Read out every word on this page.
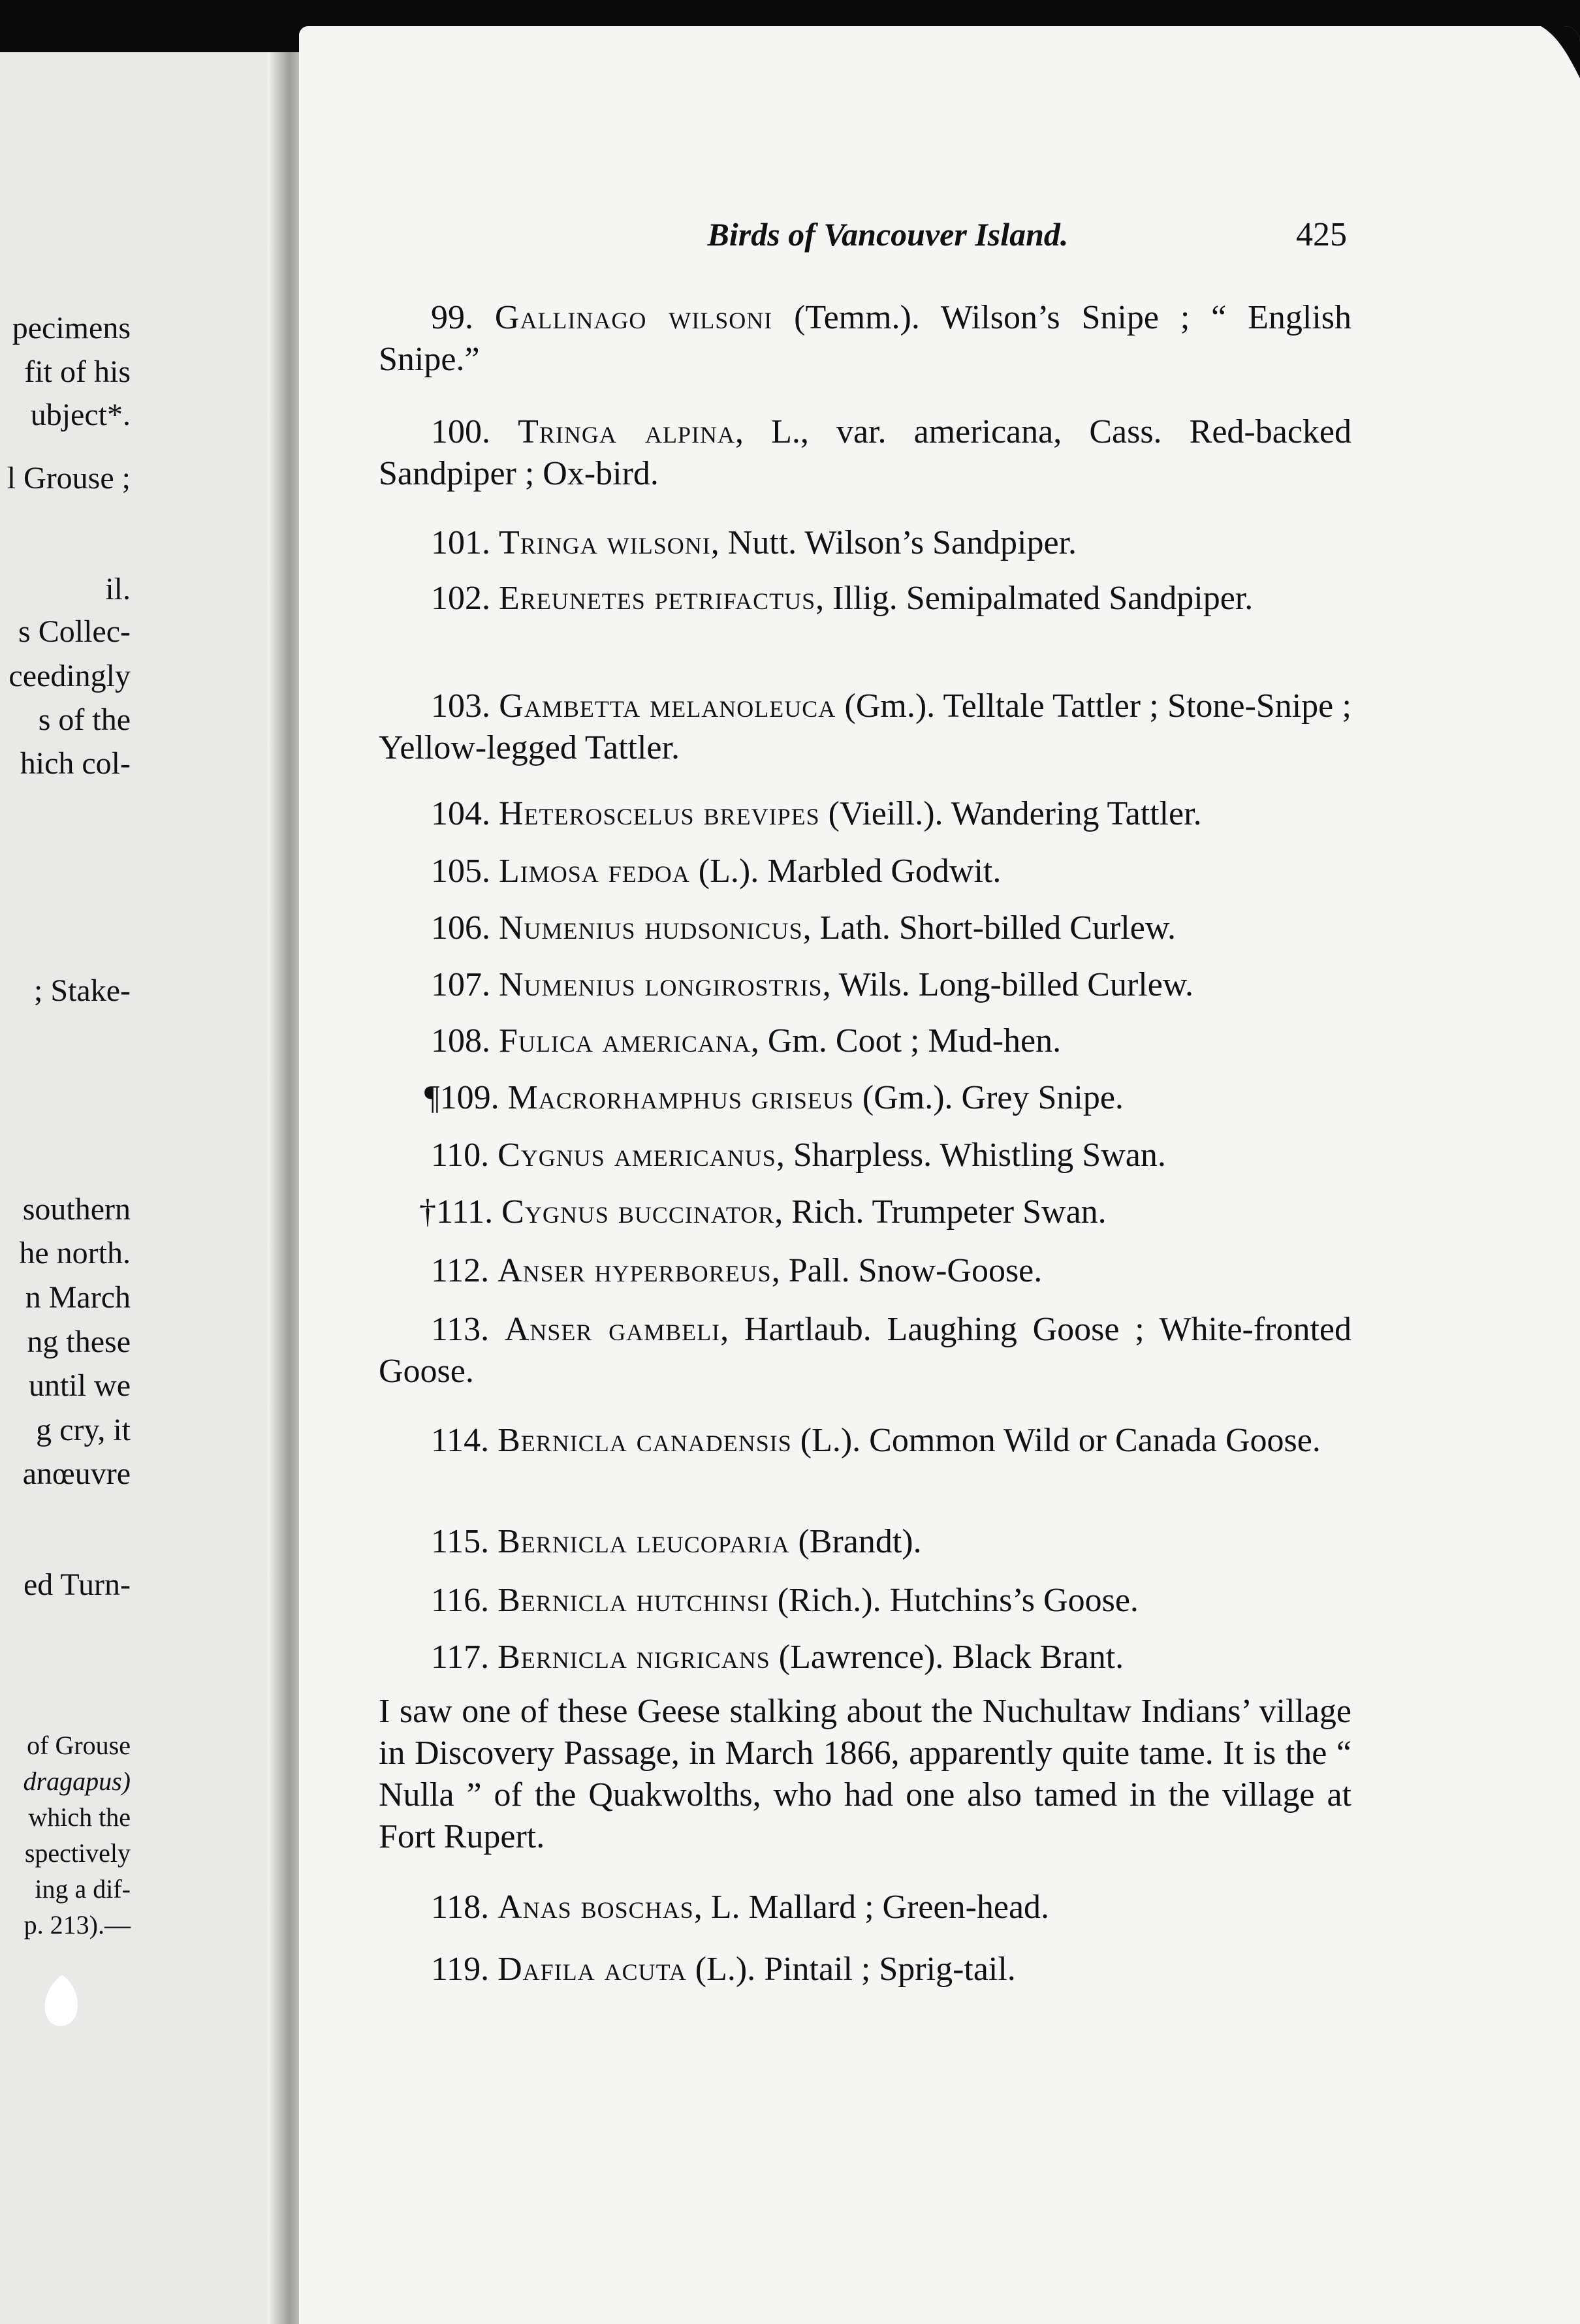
pecimens
fit of his
ubject*.
l Grouse ;
il.
s Collec-
ceedingly
s of the
hich col-
; Stake-
southern
he north.
n March
ng these
until we
g cry, it
anœuvre
ed Turn-
of Grouse
dragapus)
which the
spectively
ing a dif-
p. 213).—
Birds of Vancouver Island.	425
99. Gallinago wilsoni (Temm.). Wilson’s Snipe ; “ English Snipe.”
100. Tringa alpina, L., var. americana, Cass. Red-backed Sandpiper ; Ox-bird.
101. Tringa wilsoni, Nutt. Wilson’s Sandpiper.
102. Ereunetes petrifactus, Illig. Semipalmated Sandpiper.
103. Gambetta melanoleuca (Gm.). Telltale Tattler ; Stone-Snipe ; Yellow-legged Tattler.
104. Heteroscelus brevipes (Vieill.). Wandering Tattler.
105. Limosa fedoa (L.). Marbled Godwit.
106. Numenius hudsonicus, Lath. Short-billed Curlew.
107. Numenius longirostris, Wils. Long-billed Curlew.
108. Fulica americana, Gm. Coot ; Mud-hen.
¶109. Macrorhamphus griseus (Gm.). Grey Snipe.
110. Cygnus americanus, Sharpless. Whistling Swan.
†111. Cygnus buccinator, Rich. Trumpeter Swan.
112. Anser hyperboreus, Pall. Snow-Goose.
113. Anser gambeli, Hartlaub. Laughing Goose ; White-fronted Goose.
114. Bernicla canadensis (L.). Common Wild or Canada Goose.
115. Bernicla leucoparia (Brandt).
116. Bernicla hutchinsi (Rich.). Hutchins’s Goose.
117. Bernicla nigricans (Lawrence). Black Brant.
118. Anas boschas, L. Mallard ; Green-head.
119. Dafila acuta (L.). Pintail ; Sprig-tail.
I saw one of these Geese stalking about the Nuchultaw Indians’ village in Discovery Passage, in March 1866, apparently quite tame. It is the “ Nulla ” of the Quakwolths, who had one also tamed in the village at Fort Rupert.
